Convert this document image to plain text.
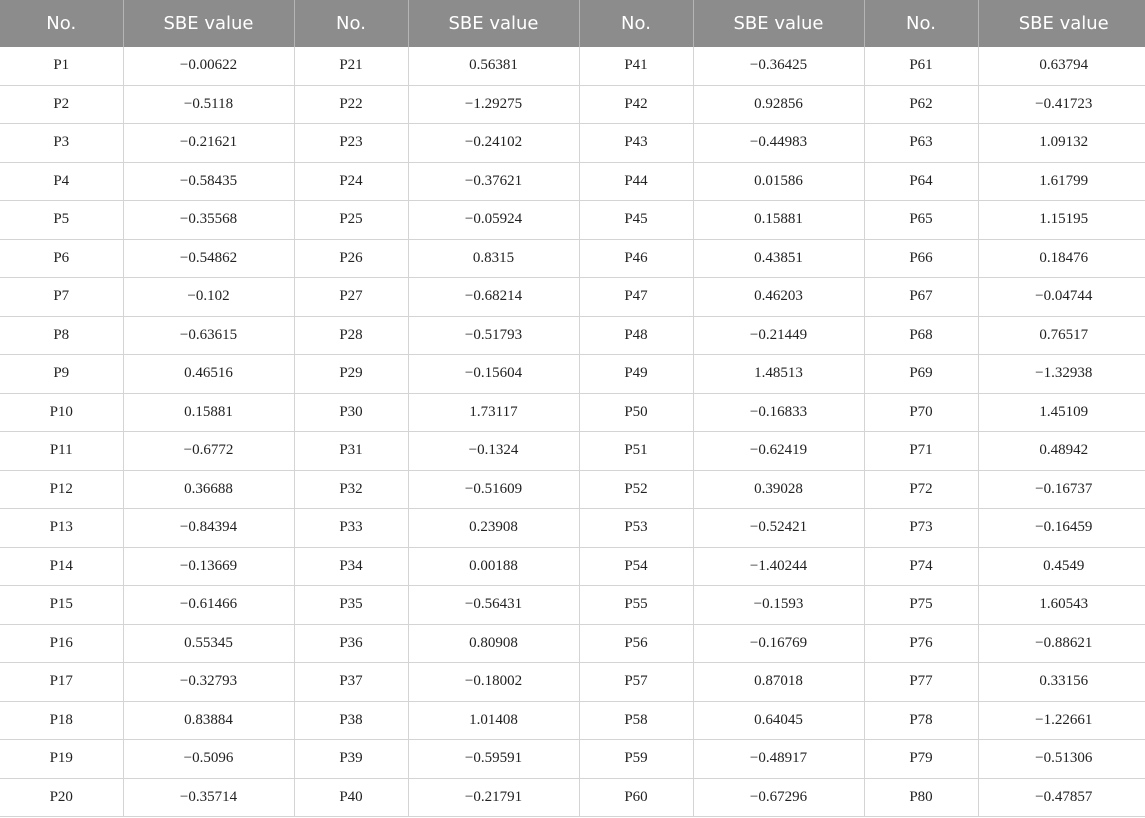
No.	SBE value	No.	SBE value	No.	SBE value	No.	SBE value
P1	−0.00622	P21	0.56381	P41	−0.36425	P61	0.63794
P2	−0.5118	P22	−1.29275	P42	0.92856	P62	−0.41723
P3	−0.21621	P23	−0.24102	P43	−0.44983	P63	1.09132
P4	−0.58435	P24	−0.37621	P44	0.01586	P64	1.61799
P5	−0.35568	P25	−0.05924	P45	0.15881	P65	1.15195
P6	−0.54862	P26	0.8315	P46	0.43851	P66	0.18476
P7	−0.102	P27	−0.68214	P47	0.46203	P67	−0.04744
P8	−0.63615	P28	−0.51793	P48	−0.21449	P68	0.76517
P9	0.46516	P29	−0.15604	P49	1.48513	P69	−1.32938
P10	0.15881	P30	1.73117	P50	−0.16833	P70	1.45109
P11	−0.6772	P31	−0.1324	P51	−0.62419	P71	0.48942
P12	0.36688	P32	−0.51609	P52	0.39028	P72	−0.16737
P13	−0.84394	P33	0.23908	P53	−0.52421	P73	−0.16459
P14	−0.13669	P34	0.00188	P54	−1.40244	P74	0.4549
P15	−0.61466	P35	−0.56431	P55	−0.1593	P75	1.60543
P16	0.55345	P36	0.80908	P56	−0.16769	P76	−0.88621
P17	−0.32793	P37	−0.18002	P57	0.87018	P77	0.33156
P18	0.83884	P38	1.01408	P58	0.64045	P78	−1.22661
P19	−0.5096	P39	−0.59591	P59	−0.48917	P79	−0.51306
P20	−0.35714	P40	−0.21791	P60	−0.67296	P80	−0.47857
